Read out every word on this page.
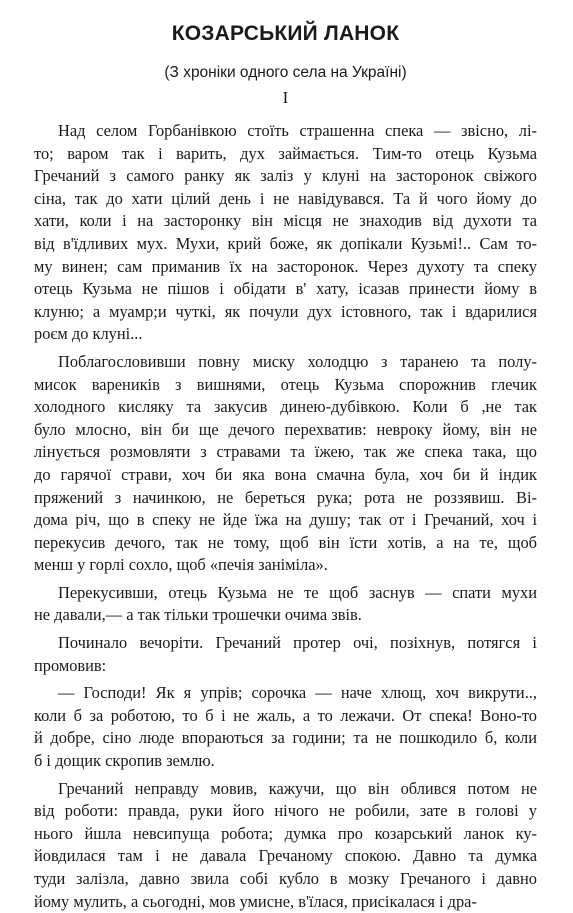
КОЗАРСЬКИЙ ЛАНОК
(З хроніки одного села на Україні)
I
Над селом Горбанівкою стоїть страшенна спека — звісно, лі-
то; варом так і варить, дух займається. Тим-то отець Кузьма
Гречаний з самого ранку як заліз у клуні на засторонок свіжого
сіна, так до хати цілий день і не навідувався. Та й чого йому до
хати, коли і на засторонку він місця не знаходив від духоти та
від в'їдливих мух. Мухи, крий боже, як допікали Кузьмі!.. Сам то-
му винен; сам приманив їх на засторонок. Через духоту та спеку
отець Кузьма не пішов і обідати в' хату, ісазав принести йому в
клуню; а муамр;и чуткі, як почули дух істовного, так і вдарилися
роєм до клуні...
Поблагословивши повну миску холодцю з таранею та полу-
мисок вареників з вишнями, отець Кузьма спорожнив глечик
холодного кисляку та закусив динею-дубівкою. Коли б ,не так
було млосно, він би ще дечого перехватив: невроку йому, він не
лінується розмовляти з стравами та їжею, так же спека така, що
до гарячої страви, хоч би яка вона смачна була, хоч би й індик
пряжений з начинкою, не береться рука; рота не роззявиш. Ві-
дома річ, що в спеку не йде їжа на душу; так от і Гречаний, хоч і
перекусив дечого, так не тому, щоб він їсти хотів, а на те, щоб
менш у горлі сохло, щоб «печія заніміла».
Перекусивши, отець Кузьма не те щоб заснув — спати мухи
не давали,— а так тільки трошечки очима звів.
Починало вечоріти. Гречаний протер очі, позіхнув, потягся і
промовив:
— Господи! Як я упрів; сорочка — наче хлющ, хоч викрути..,
коли б за роботою, то б і не жаль, а то лежачи. От спека! Воно-то
й добре, сіно люде впораються за години; та не пошкодило б, коли
б і дощик скропив землю.
Гречаний неправду мовив, кажучи, що він облився потом не
від роботи: правда, руки його нічого не робили, зате в голові у
нього йшла невсипуща робота; думка про козарський ланок ку-
йовдилася там і не давала Гречаному спокою. Давно та думка
туди залізла, давно звила собі кубло в мозку Гречаного і давно
йому мулить, а сьогодні, мов умисне, в'їлася, присікалася і дра-
